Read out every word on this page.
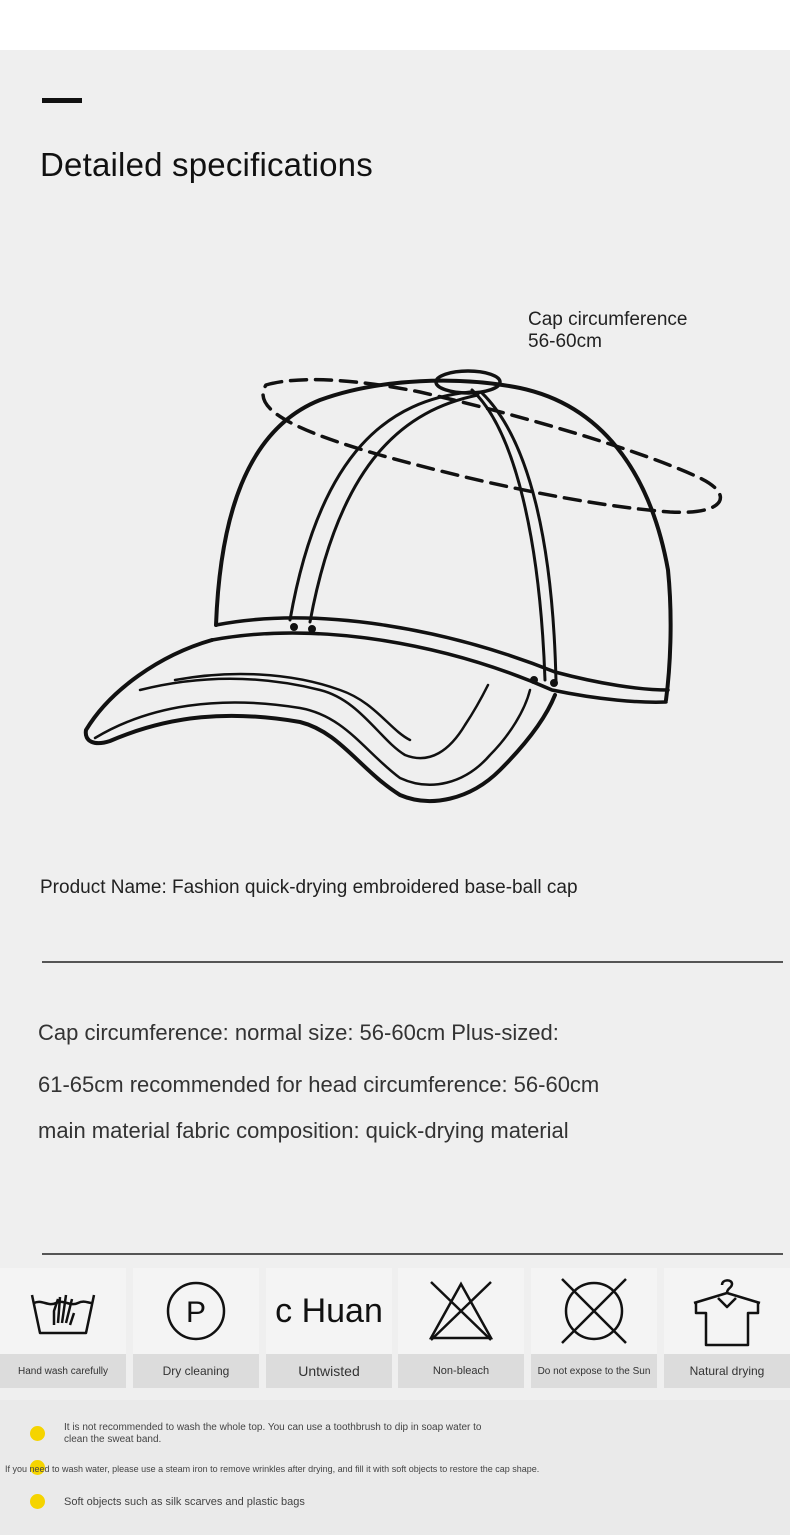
Detailed specifications
Cap circumference
56-60cm
Product Name: Fashion quick-drying embroidered base-ball cap
Cap circumference: normal size: 56-60cm Plus-sized:
61-65cm recommended for head circumference: 56-60cm
main material fabric composition: quick-drying material
Hand wash carefully
P
Dry cleaning
c Huan
Untwisted	Non-bleach	Do not expose to the Sun	Natural drying
It is not recommended to wash the whole top. You can use a toothbrush to dip in soap water to clean the sweat band.
If you need to wash water, please use a steam iron to remove wrinkles after drying, and fill it with soft objects to restore the cap shape.
Soft objects such as silk scarves and plastic bags
